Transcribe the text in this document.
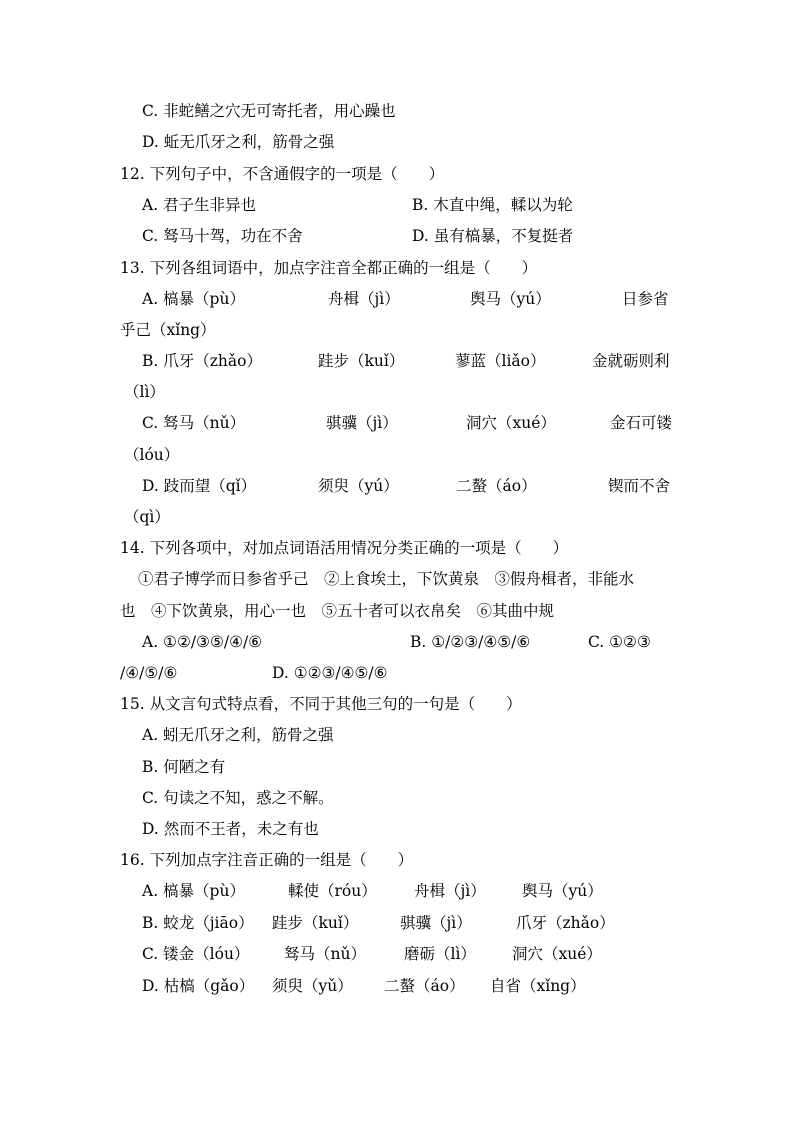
C. 非蛇鳝之穴无可寄托者，用心躁也
D. 蚯无爪牙之利，筋骨之强
12. 下列句子中，不含通假字的一项是（　　）
A. 君子生非异也	B. 木直中绳，輮以为轮
C. 驽马十驾，功在不舍	D. 虽有槁暴，不复挺者
13. 下列各组词语中，加点字注音全都正确的一组是（　　）
A. 槁暴（pù）	舟楫（jì）	舆马（yú）	日参省
乎己（xǐng）
B. 爪牙（zhǎo）	跬步（kuǐ）	蓼蓝（liǎo）	金就砺则利
（lì）
C. 驽马（nǔ）	骐骥（jì）	洞穴（xué）	金石可镂
（lóu）
D. 跂而望（qǐ）	须臾（yú）	二螯（áo）	锲而不舍
（qì）
14. 下列各项中，对加点词语活用情况分类正确的一项是（　　）
①君子博学而日参省乎己　②上食埃土，下饮黄泉　③假舟楫者，非能水
也　④下饮黄泉，用心一也　⑤五十者可以衣帛矣　⑥其曲中规
A. ①②/③⑤/④/⑥	B. ①/②③/④⑤/⑥	C. ①②③
/④/⑤/⑥	D. ①②③/④⑤/⑥
15. 从文言句式特点看，不同于其他三句的一句是（　　）
A. 蚓无爪牙之利，筋骨之强
B. 何陋之有
C. 句读之不知，惑之不解。
D. 然而不王者，未之有也
16. 下列加点字注音正确的一组是（　　）
A. 槁暴（pù）	輮使（róu） 舟楫（jì） 舆马（yú）
B. 蛟龙（jiāo） 跬步（kuǐ）	骐骥（jì）	爪牙（zhǎo）
C. 镂金（lóu） 驽马（nǔ） 磨砺（lì） 洞穴（xué）
D. 枯槁（gǎo） 须臾（yǔ） 二螯（áo） 自省（xǐng）
